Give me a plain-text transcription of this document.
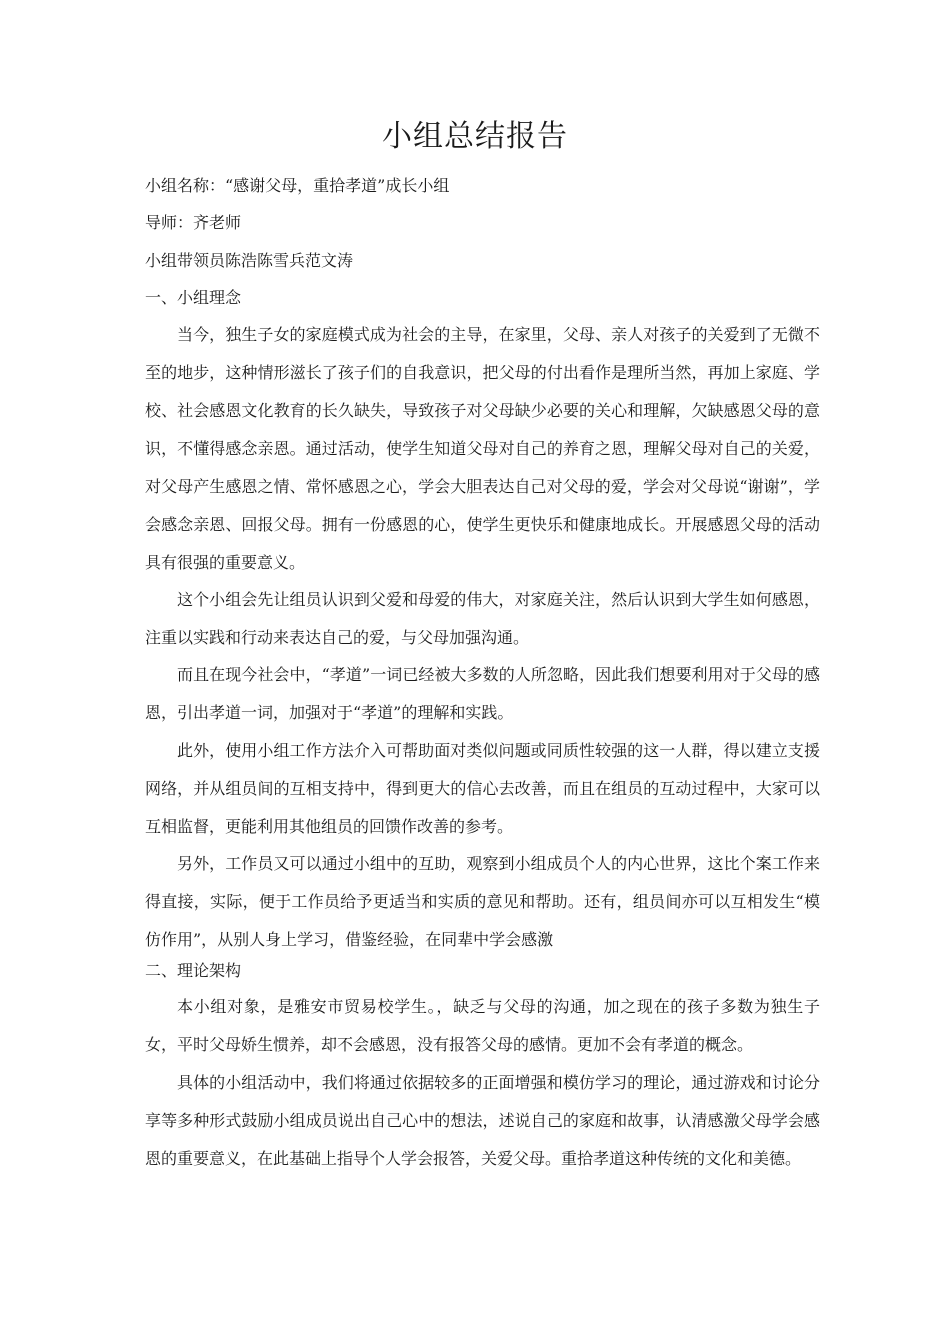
小组总结报告
小组名称：“感谢父母，重拾孝道”成长小组
导师：齐老师
小组带领员陈浩陈雪兵范文涛
一、小组理念

当今，独生子女的家庭模式成为社会的主导，在家里，父母、亲人对孩子的关爱到了无微不至的地步，这种情形滋长了孩子们的自我意识，把父母的付出看作是理所当然，再加上家庭、学校、社会感恩文化教育的长久缺失，导致孩子对父母缺少必要的关心和理解，欠缺感恩父母的意识，不懂得感念亲恩。通过活动，使学生知道父母对自己的养育之恩，理解父母对自己的关爱，对父母产生感恩之情、常怀感恩之心，学会大胆表达自己对父母的爱，学会对父母说“谢谢”，学会感念亲恩、回报父母。拥有一份感恩的心，使学生更快乐和健康地成长。开展感恩父母的活动具有很强的重要意义。

这个小组会先让组员认识到父爱和母爱的伟大，对家庭关注，然后认识到大学生如何感恩，注重以实践和行动来表达自己的爱，与父母加强沟通。

而且在现今社会中，“孝道”一词已经被大多数的人所忽略，因此我们想要利用对于父母的感恩，引出孝道一词，加强对于“孝道”的理解和实践。

此外，使用小组工作方法介入可帮助面对类似问题或同质性较强的这一人群，得以建立支援网络，并从组员间的互相支持中，得到更大的信心去改善，而且在组员的互动过程中，大家可以互相监督，更能利用其他组员的回馈作改善的参考。

另外，工作员又可以通过小组中的互助，观察到小组成员个人的内心世界，这比个案工作来得直接，实际，便于工作员给予更适当和实质的意见和帮助。还有，组员间亦可以互相发生“模仿作用”，从别人身上学习，借鉴经验，在同辈中学会感激

二、理论架构

本小组对象，是雅安市贸易校学生。，缺乏与父母的沟通，加之现在的孩子多数为独生子女，平时父母娇生惯养，却不会感恩，没有报答父母的感情。更加不会有孝道的概念。

具体的小组活动中，我们将通过依据较多的正面增强和模仿学习的理论，通过游戏和讨论分享等多种形式鼓励小组成员说出自己心中的想法，述说自己的家庭和故事，认清感激父母学会感恩的重要意义，在此基础上指导个人学会报答，关爱父母。重拾孝道这种传统的文化和美德。
